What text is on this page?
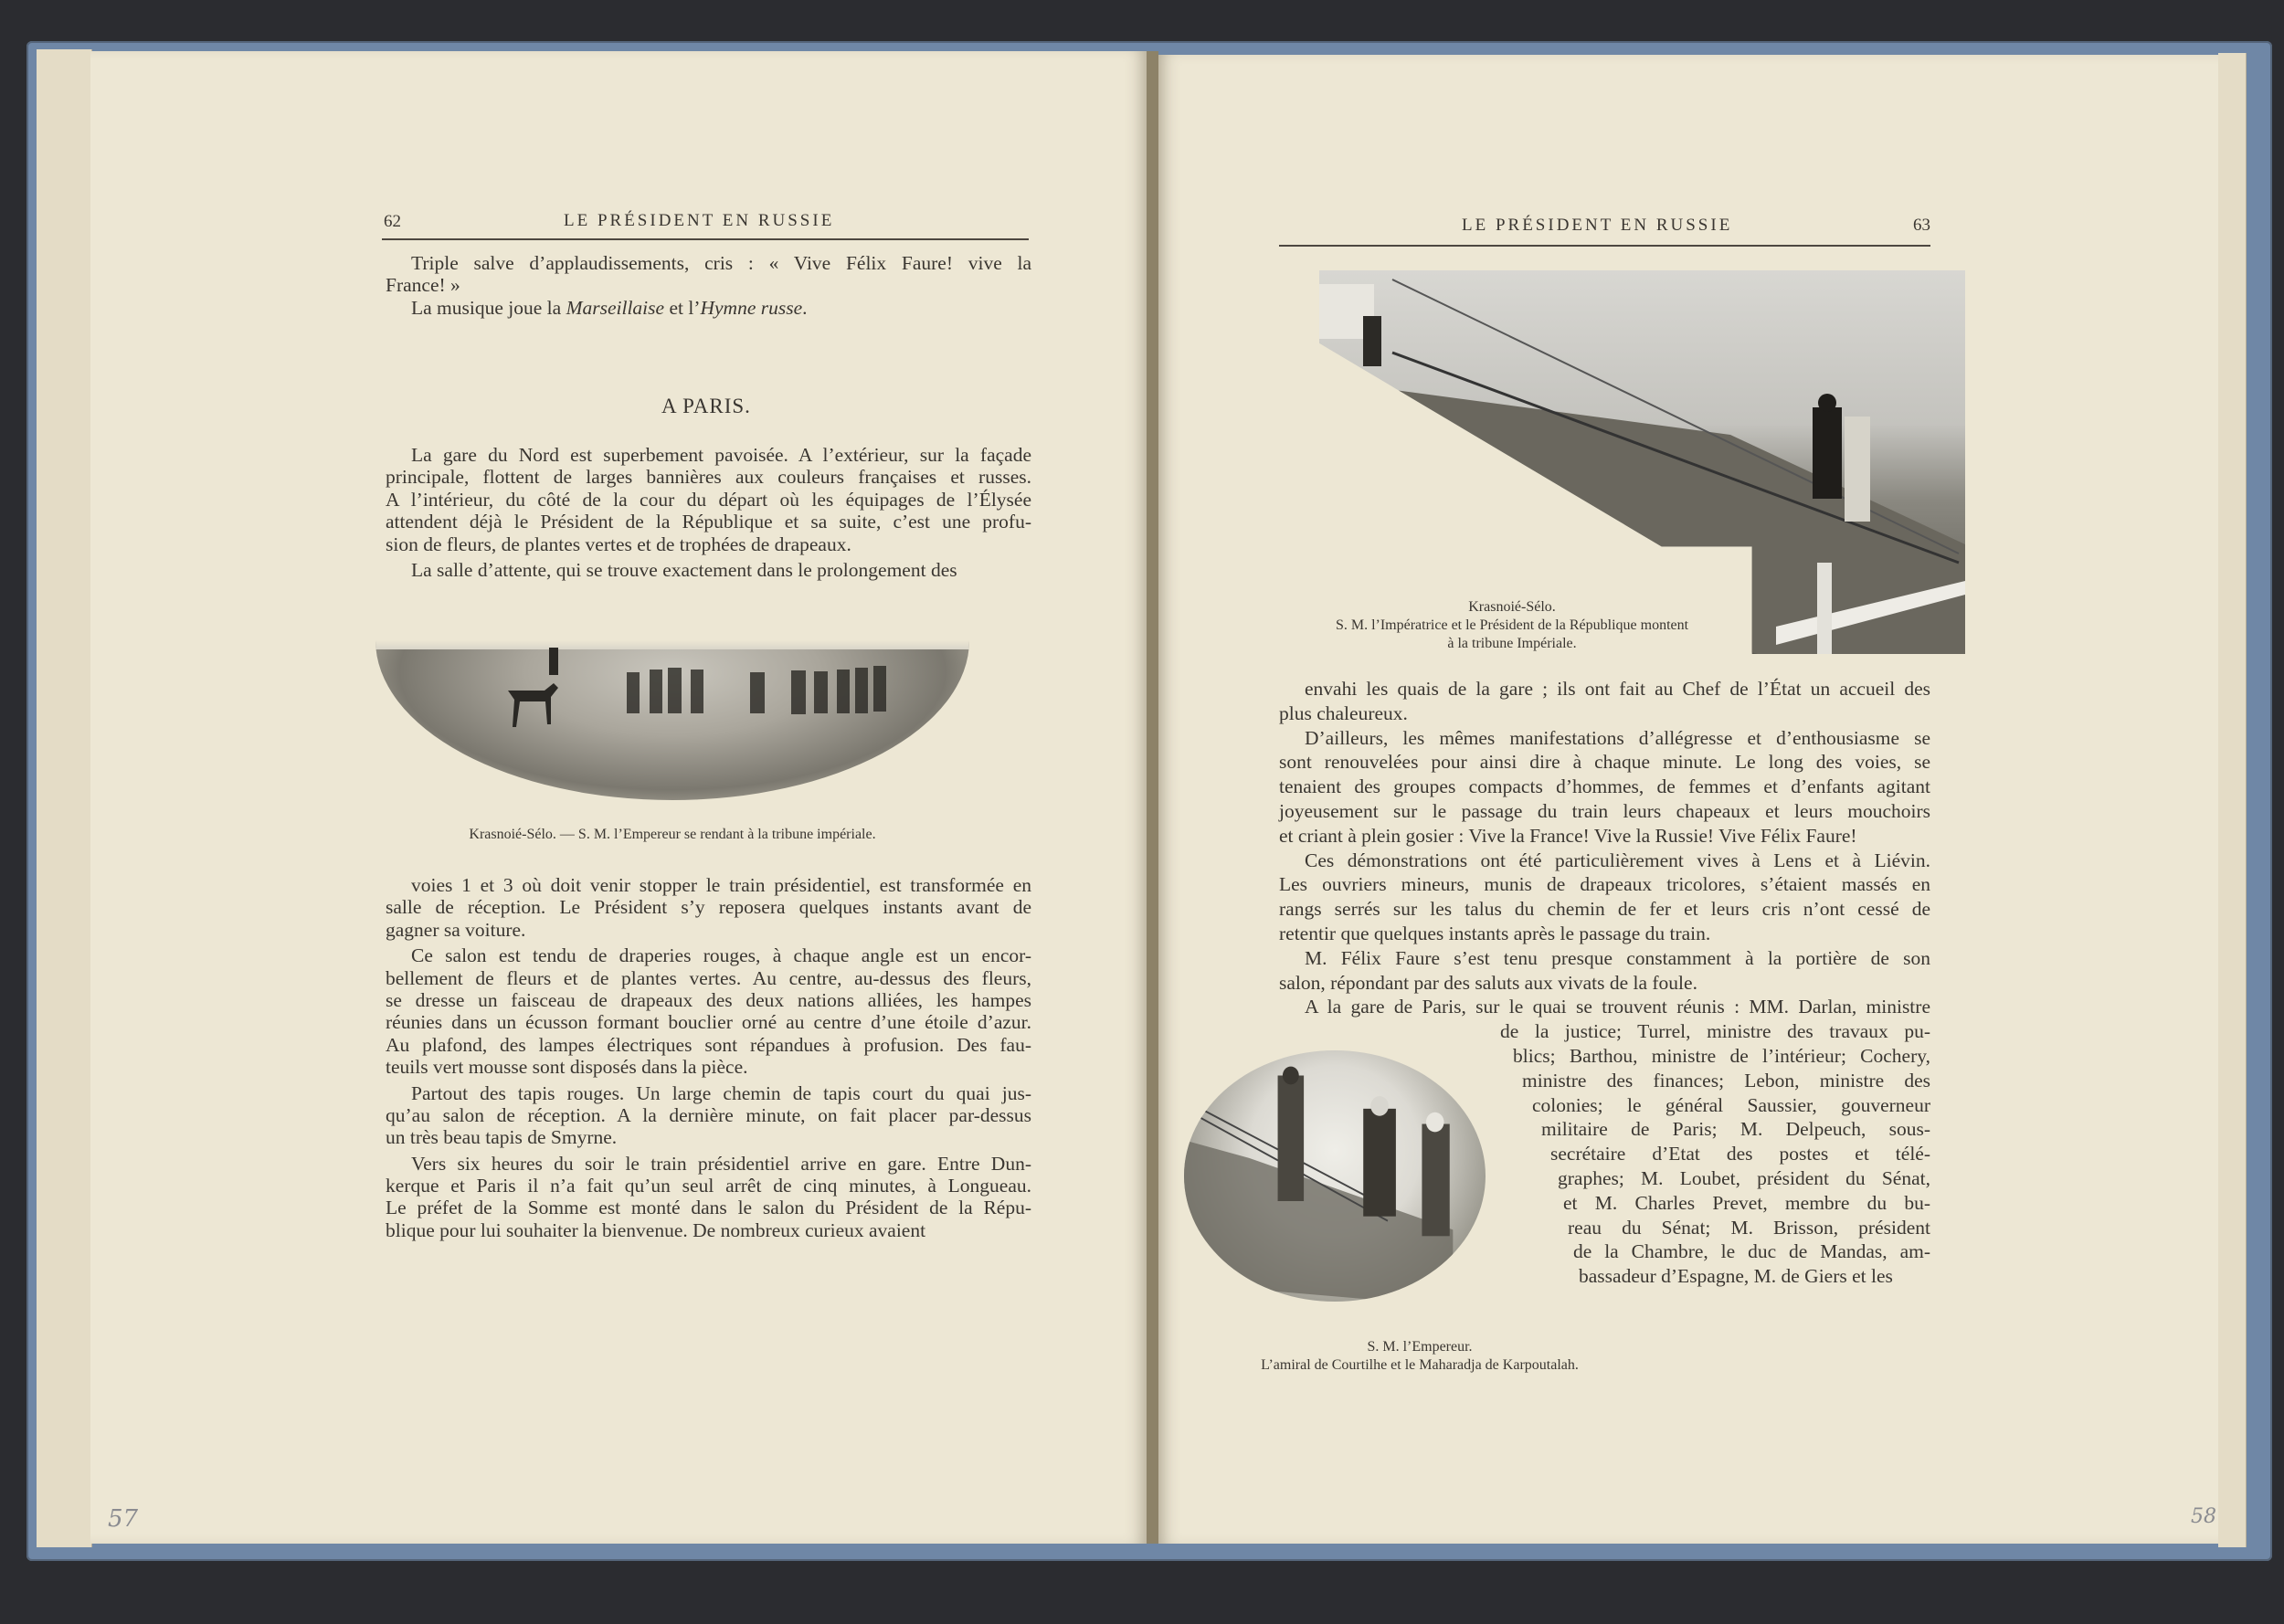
62	LE PRÉSIDENT EN RUSSIE
Triple salve d’applaudissements, cris : « Vive Félix Faure! vive la
France! »
La musique joue la Marseillaise et l’Hymne russe.
A PARIS.
La gare du Nord est superbement pavoisée. A l’extérieur, sur la façade
principale, flottent de larges bannières aux couleurs françaises et russes.
A l’intérieur, du côté de la cour du départ où les équipages de l’Élysée
attendent déjà le Président de la République et sa suite, c’est une profu-
sion de fleurs, de plantes vertes et de trophées de drapeaux.
La salle d’attente, qui se trouve exactement dans le prolongement des
Krasnoié-Sélo. — S. M. l’Empereur se rendant à la tribune impériale.
voies 1 et 3 où doit venir stopper le train présidentiel, est transformée en
salle de réception. Le Président s’y reposera quelques instants avant de
gagner sa voiture.
Ce salon est tendu de draperies rouges, à chaque angle est un encor-
bellement de fleurs et de plantes vertes. Au centre, au-dessus des fleurs,
se dresse un faisceau de drapeaux des deux nations alliées, les hampes
réunies dans un écusson formant bouclier orné au centre d’une étoile d’azur.
Au plafond, des lampes électriques sont répandues à profusion. Des fau-
teuils vert mousse sont disposés dans la pièce.
Partout des tapis rouges. Un large chemin de tapis court du quai jus-
qu’au salon de réception. A la dernière minute, on fait placer par-dessus
un très beau tapis de Smyrne.
Vers six heures du soir le train présidentiel arrive en gare. Entre Dun-
kerque et Paris il n’a fait qu’un seul arrêt de cinq minutes, à Longueau.
Le préfet de la Somme est monté dans le salon du Président de la Répu-
blique pour lui souhaiter la bienvenue. De nombreux curieux avaient
57
LE PRÉSIDENT EN RUSSIE	63
Krasnoié-Sélo.
S. M. l’Impératrice et le Président de la République montent
à la tribune Impériale.
envahi les quais de la gare ; ils ont fait au Chef de l’État un accueil des
plus chaleureux.
D’ailleurs, les mêmes manifestations d’allégresse et d’enthousiasme se
sont renouvelées pour ainsi dire à chaque minute. Le long des voies, se
tenaient des groupes compacts d’hommes, de femmes et d’enfants agitant
joyeusement sur le passage du train leurs chapeaux et leurs mouchoirs
et criant à plein gosier : Vive la France! Vive la Russie! Vive Félix Faure!
Ces démonstrations ont été particulièrement vives à Lens et à Liévin.
Les ouvriers mineurs, munis de drapeaux tricolores, s’étaient massés en
rangs serrés sur les talus du chemin de fer et leurs cris n’ont cessé de
retentir que quelques instants après le passage du train.
M. Félix Faure s’est tenu presque constamment à la portière de son
salon, répondant par des saluts aux vivats de la foule.
A la gare de Paris, sur le quai se trouvent réunis : MM. Darlan, ministre
de la justice; Turrel, ministre des travaux pu-
blics; Barthou, ministre de l’intérieur; Cochery,
ministre des finances; Lebon, ministre des
colonies; le général Saussier, gouverneur
militaire de Paris; M. Delpeuch, sous-
secrétaire d’Etat des postes et télé-
graphes; M. Loubet, président du Sénat,
et M. Charles Prevet, membre du bu-
reau du Sénat; M. Brisson, président
de la Chambre, le duc de Mandas, am-
bassadeur d’Espagne, M. de Giers et les
S. M. l’Empereur.
L’amiral de Courtilhe et le Maharadja de Karpoutalah.
58
